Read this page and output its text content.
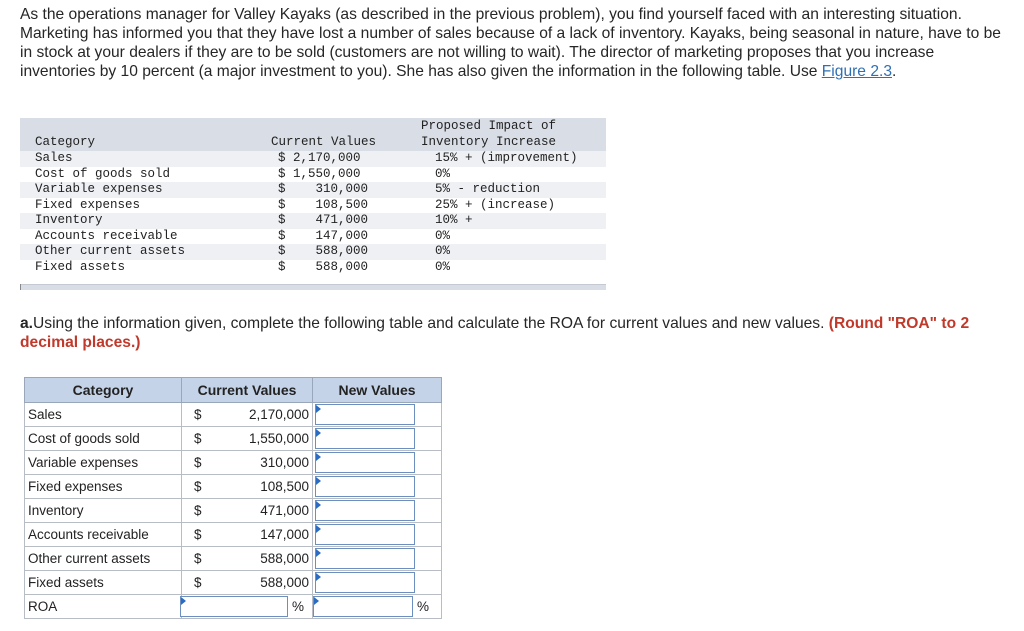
As the operations manager for Valley Kayaks (as described in the previous problem), you find yourself faced with an interesting situation. Marketing has informed you that they have lost a number of sales because of a lack of inventory. Kayaks, being seasonal in nature, have to be in stock at your dealers if they are to be sold (customers are not willing to wait). The director of marketing proposes that you increase inventories by 10 percent (a major investment to you). She has also given the information in the following table. Use Figure 2.3.
Proposed Impact of
Category	Current Values	Inventory Increase
Sales	$ 2,170,000	15% + (improvement)
Cost of goods sold	$ 1,550,000	0%
Variable expenses	$    310,000	5% - reduction
Fixed expenses	$    108,500	25% + (increase)
Inventory	$    471,000	10% +
Accounts receivable	$    147,000	0%
Other current assets	$    588,000	0%
Fixed assets	$    588,000	0%
a.Using the information given, complete the following table and calculate the ROA for current values and new values. (Round "ROA" to 2 decimal places.)
Category	Current Values	New Values
Sales	$ 2,170,000	

Cost of goods sold	$ 1,550,000	

Variable expenses	$ 310,000	

Fixed expenses	$ 108,500	

Inventory	$ 471,000	

Accounts receivable	$ 147,000	

Other current assets	$ 588,000	

Fixed assets	$ 588,000	

ROA	%	%
